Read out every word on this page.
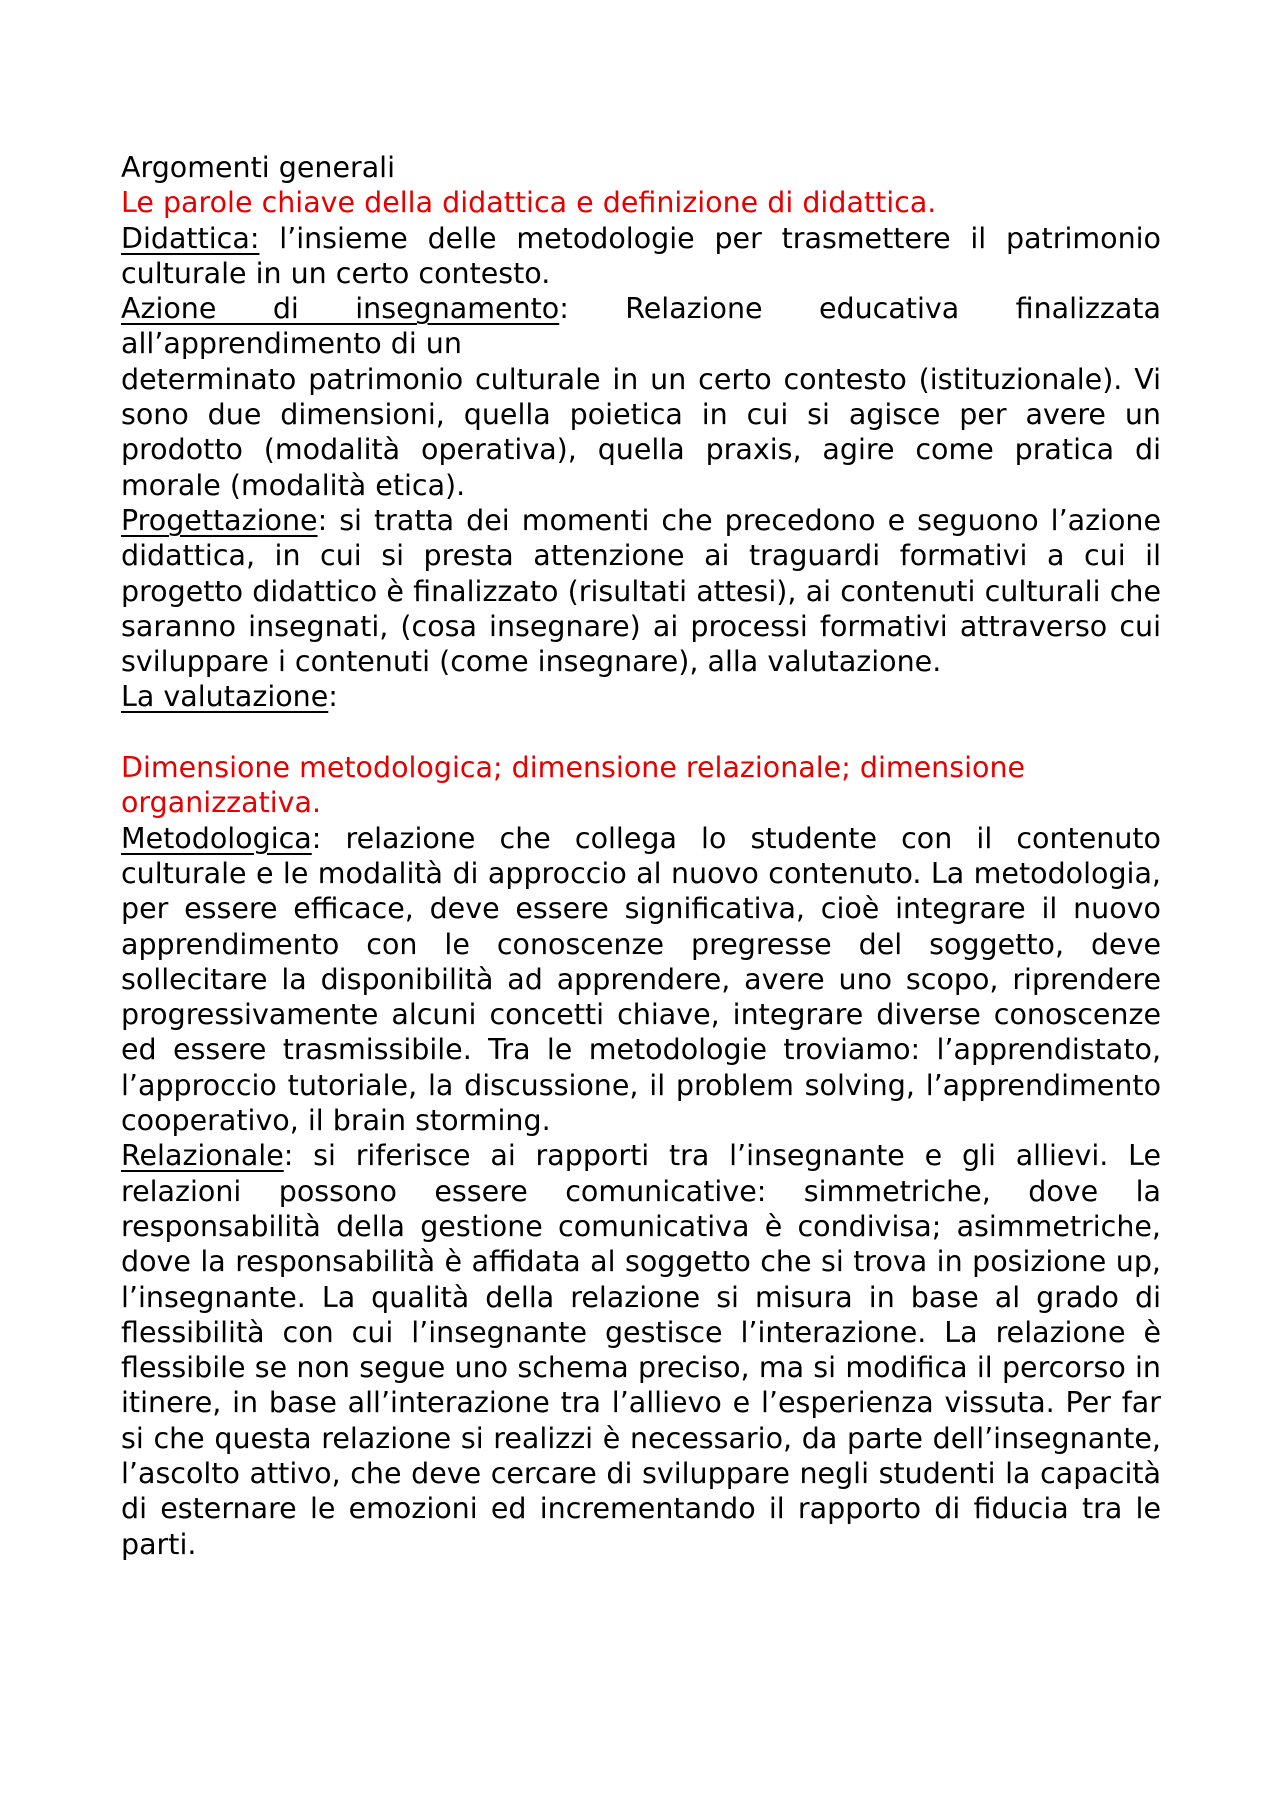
Argomenti generali
Le parole chiave della didattica e definizione di didattica.

Didattica: l’insieme delle metodologie per trasmettere il patrimonio culturale in un certo contesto.

Azione di insegnamento: Relazione educativa finalizzata

all’apprendimento di un

determinato patrimonio culturale in un certo contesto (istituzionale). Vi sono due dimensioni, quella poietica in cui si agisce per avere un prodotto (modalità operativa), quella praxis, agire come pratica di morale (modalità etica).

Progettazione: si tratta dei momenti che precedono e seguono l’azione didattica, in cui si presta attenzione ai traguardi formativi a cui il progetto didattico è finalizzato (risultati attesi), ai contenuti culturali che saranno insegnati, (cosa insegnare) ai processi formativi attraverso cui sviluppare i contenuti (come insegnare), alla valutazione.

La valutazione:

Dimensione metodologica; dimensione relazionale; dimensione organizzativa.

Metodologica: relazione che collega lo studente con il contenuto culturale e le modalità di approccio al nuovo contenuto. La metodologia, per essere efficace, deve essere significativa, cioè integrare il nuovo apprendimento con le conoscenze pregresse del soggetto, deve sollecitare la disponibilità ad apprendere, avere uno scopo, riprendere progressivamente alcuni concetti chiave, integrare diverse conoscenze ed essere trasmissibile. Tra le metodologie troviamo: l’apprendistato, l’approccio tutoriale, la discussione, il problem solving, l’apprendimento cooperativo, il brain storming.

Relazionale: si riferisce ai rapporti tra l’insegnante e gli allievi. Le relazioni possono essere comunicative: simmetriche, dove la responsabilità della gestione comunicativa è condivisa; asimmetriche, dove la responsabilità è affidata al soggetto che si trova in posizione up, l’insegnante. La qualità della relazione si misura in base al grado di flessibilità con cui l’insegnante gestisce l’interazione. La relazione è flessibile se non segue uno schema preciso, ma si modifica il percorso in itinere, in base all’interazione tra l’allievo e l’esperienza vissuta. Per far si che questa relazione si realizzi è necessario, da parte dell’insegnante, l’ascolto attivo, che deve cercare di sviluppare negli studenti la capacità di esternare le emozioni ed incrementando il rapporto di fiducia tra le parti.
